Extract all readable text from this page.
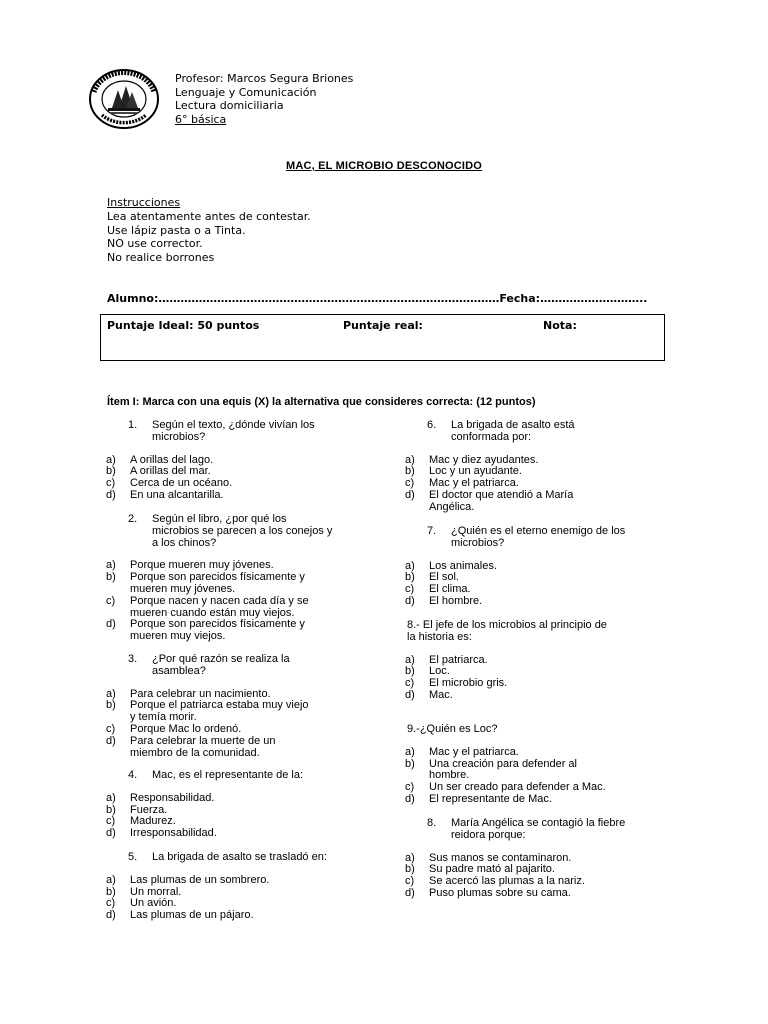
Profesor: Marcos Segura Briones
Lenguaje y Comunicación
Lectura domiciliaria
6° básica
MAC, EL MICROBIO DESCONOCIDO
Instrucciones
Lea atentamente antes de contestar.
Use lápiz pasta o a Tinta.
NO use corrector.
No realice borrones
Alumno:…………………………………………………………………………………Fecha:………………………..
Puntaje Ideal: 50 puntos	Puntaje real:	Nota:
Ítem I: Marca con una equis (X) la alternativa que consideres correcta: (12 puntos)
1. Según el texto, ¿dónde vivían los
microbios?
a) A orillas del lago.
b) A orillas del mar.
c) Cerca de un océano.
d) En una alcantarilla.
2. Según el libro, ¿por qué los
microbios se parecen a los conejos y
a los chinos?
a) Porque mueren muy jóvenes.
b) Porque son parecidos físicamente y
mueren muy jóvenes.
c) Porque nacen y nacen cada día y se
mueren cuando están muy viejos.
d) Porque son parecidos físicamente y
mueren muy viejos.
3. ¿Por qué razón se realiza la
asamblea?
a) Para celebrar un nacimiento.
b) Porque el patriarca estaba muy viejo
y temía morir.
c) Porque Mac lo ordenó.
d) Para celebrar la muerte de un
miembro de la comunidad.
4. Mac, es el representante de la:
a) Responsabilidad.
b) Fuerza.
c) Madurez.
d) Irresponsabilidad.
5. La brigada de asalto se trasladó en:
a) Las plumas de un sombrero.
b) Un morral.
c) Un avión.
d) Las plumas de un pájaro.
6. La brigada de asalto está
conformada por:
a) Mac y diez ayudantes.
b) Loc y un ayudante.
c) Mac y el patriarca.
d) El doctor que atendió a María
Angélica.
7. ¿Quién es el eterno enemigo de los
microbios?
a) Los animales.
b) El sol.
c) El clima.
d) El hombre.
8.- El jefe de los microbios al principio de
la historia es:
a) El patriarca.
b) Loc.
c) El microbio gris.
d) Mac.
9.-¿Quién es Loc?
a) Mac y el patriarca.
b) Una creación para defender al
hombre.
c) Un ser creado para defender a Mac.
d) El representante de Mac.
8. María Angélica se contagió la fiebre
reidora porque:
a) Sus manos se contaminaron.
b) Su padre mató al pajarito.
c) Se acercó las plumas a la nariz.
d) Puso plumas sobre su cama.
